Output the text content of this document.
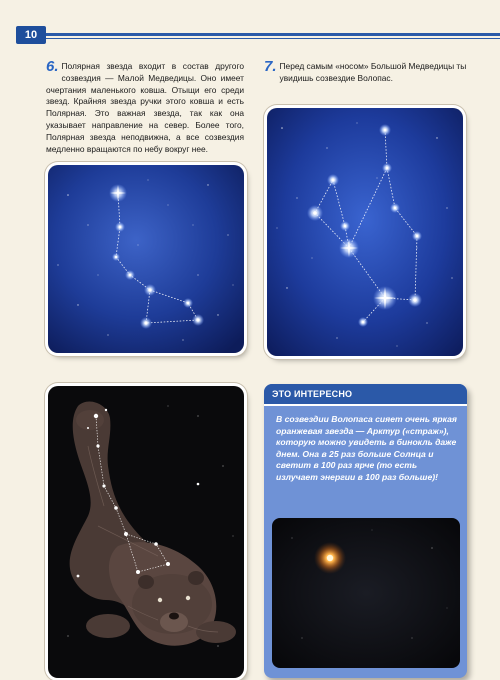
10
6. Полярная звезда входит в состав другого созвездия — Малой Медведицы. Оно имеет очертания маленького ковша. Отыщи его среди звезд. Крайняя звезда ручки этого ковша и есть Полярная. Это важная звезда, так как она указывает направление на север. Более того, Полярная звезда неподвижна, а все созвездия медленно вращаются по небу вокруг нее.
7. Перед самым «носом» Большой Медведицы ты увидишь созвездие Волопас.
ЭТО ИНТЕРЕСНО
В созвездии Волопаса сияет очень яркая оранжевая звезда — Арктур («страж»), которую можно увидеть в бинокль даже днем. Она в 25 раз больше Солнца и светит в 100 раз ярче (то есть излучает энергии в 100 раз больше)!
